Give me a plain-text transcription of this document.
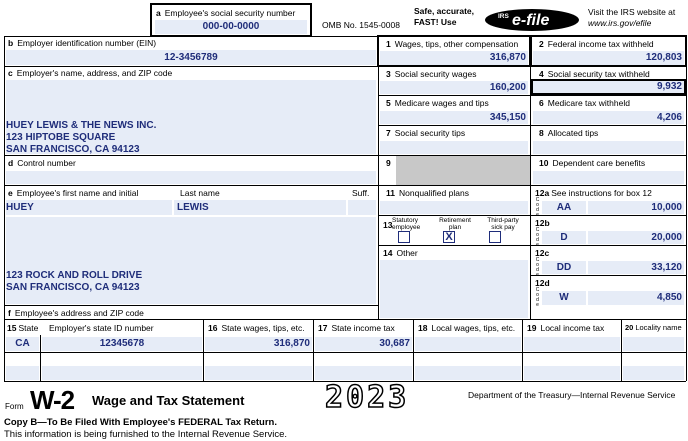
a Employee's social security number
000-00-0000	OMB No. 1545-0008
Safe, accurate,
FAST! Use
IRS e-file	Visit the IRS website at
www.irs.gov/efile
b Employer identification number (EIN)
12-3456789
c Employer's name, address, and ZIP code
HUEY LEWIS & THE NEWS INC.
123 HIPTOBE SQUARE
SAN FRANCISCO, CA 94123
d Control number
e Employee's first name and initial	Last name	Suff.
HUEY	LEWIS
123 ROCK AND ROLL DRIVE
SAN FRANCISCO, CA 94123
f Employee's address and ZIP code
1 Wages, tips, other compensation
316,870
2 Federal income tax withheld
120,803
3 Social security wages
160,200
4 Social security tax withheld
9,932
5 Medicare wages and tips
345,150
6 Medicare tax withheld
4,206
7 Social security tips	8 Allocated tips
9	10 Dependent care benefits
11 Nonqualified plans
13 Statutory
employee
Retirement
plan
X
Third-party
sick pay
14 Other
12a See instructions for box 12
C
o
d
e
AA	10,000
12b
C
o
d
e
D	20,000
12c
C
o
d
e
DD	33,120
12d
C
o
d
e
W	4,850
15 State Employer's state ID number
CA	12345678
16 State wages, tips, etc.
316,870
17 State income tax
30,687
18 Local wages, tips, etc. 19 Local income tax	20 Locality name
Form W-2 Wage and Tax Statement	2023	Department of the Treasury—Internal Revenue Service
Copy B—To Be Filed With Employee's FEDERAL Tax Return.
This information is being furnished to the Internal Revenue Service.
